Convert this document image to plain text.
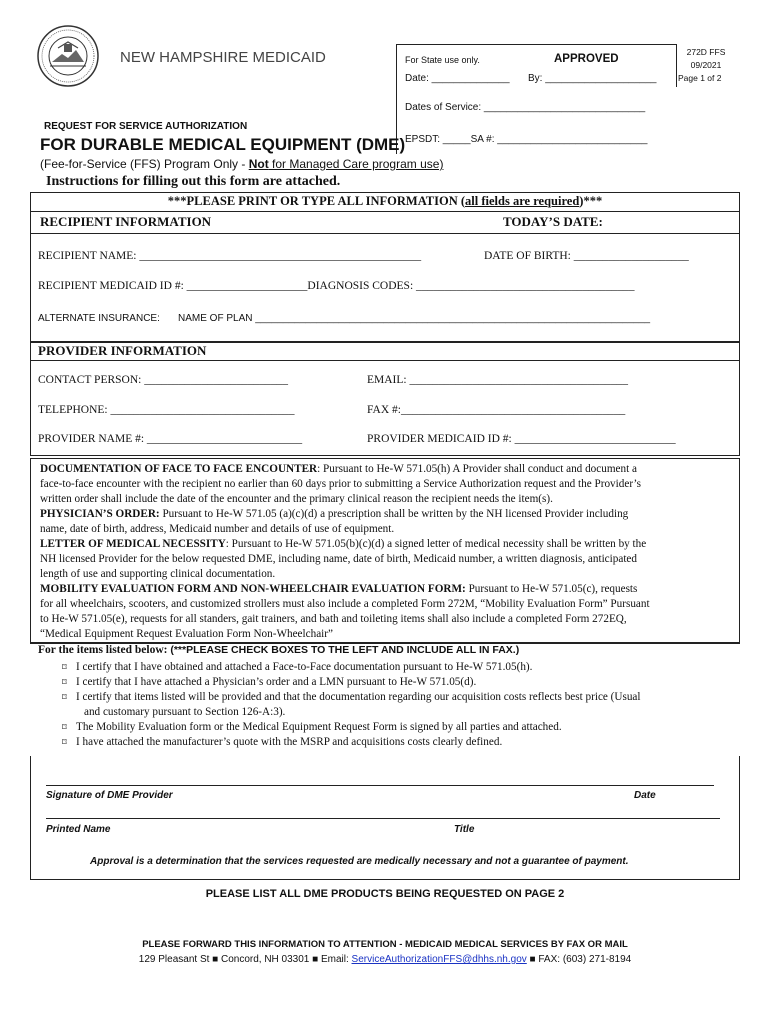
NEW HAMPSHIRE MEDICAID	For State use only.	APPROVED
Date: ______________ By: ____________________
Dates of Service: _____________________________
EPSDT: _____SA #: ___________________________
272D FFS
09/2021
Page 1 of 2
REQUEST FOR SERVICE AUTHORIZATION
FOR DURABLE MEDICAL EQUIPMENT (DME)
(Fee-for-Service (FFS) Program Only - Not for Managed Care program use)
Instructions for filling out this form are attached.
***PLEASE PRINT OR TYPE ALL INFORMATION (all fields are required)***
RECIPIENT INFORMATION	TODAY’S DATE:
RECIPIENT NAME: _________________________________________________	DATE OF BIRTH: ____________________
RECIPIENT MEDICAID ID #: _____________________DIAGNOSIS CODES: ______________________________________
ALTERNATE INSURANCE: NAME OF PLAN _______________________________________________________________________
PROVIDER INFORMATION
CONTACT PERSON: _________________________	EMAIL: ______________________________________
TELEPHONE: ________________________________	FAX #:_______________________________________
PROVIDER NAME #: ___________________________	PROVIDER MEDICAID ID #: ____________________________
DOCUMENTATION OF FACE TO FACE ENCOUNTER: Pursuant to He-W 571.05(h) A Provider shall conduct and document a
face-to-face encounter with the recipient no earlier than 60 days prior to submitting a Service Authorization request and the Provider’s
written order shall include the date of the encounter and the primary clinical reason the recipient needs the item(s).
PHYSICIAN’S ORDER: Pursuant to He-W 571.05 (a)(c)(d) a prescription shall be written by the NH licensed Provider including
name, date of birth, address, Medicaid number and details of use of equipment.
LETTER OF MEDICAL NECESSITY: Pursuant to He-W 571.05(b)(c)(d) a signed letter of medical necessity shall be written by the
NH licensed Provider for the below requested DME, including name, date of birth, Medicaid number, a written diagnosis, anticipated
length of use and supporting clinical documentation.
MOBILITY EVALUATION FORM AND NON-WHEELCHAIR EVALUATION FORM: Pursuant to He-W 571.05(c), requests
for all wheelchairs, scooters, and customized strollers must also include a completed Form 272M, “Mobility Evaluation Form” Pursuant
to He-W 571.05(e), requests for all standers, gait trainers, and bath and toileting items shall also include a completed Form 272EQ,
“Medical Equipment Request Evaluation Form Non-Wheelchair”
For the items listed below: (***PLEASE CHECK BOXES TO THE LEFT AND INCLUDE ALL IN FAX.)
⌑ I certify that I have obtained and attached a Face-to-Face documentation pursuant to He-W 571.05(h).
⌑ I certify that I have attached a Physician’s order and a LMN pursuant to He-W 571.05(d).
⌑ I certify that items listed will be provided and that the documentation regarding our acquisition costs reflects best price (Usual
⌑ The Mobility Evaluation form or the Medical Equipment Request Form is signed by all parties and attached.
⌑ I have attached the manufacturer’s quote with the MSRP and acquisitions costs clearly defined.
and customary pursuant to Section 126-A:3).
Signature of DME Provider	Date
Printed Name	Title
Approval is a determination that the services requested are medically necessary and not a guarantee of payment.
PLEASE LIST ALL DME PRODUCTS BEING REQUESTED ON PAGE 2
PLEASE FORWARD THIS INFORMATION TO ATTENTION - MEDICAID MEDICAL SERVICES BY FAX OR MAIL
129 Pleasant St ■ Concord, NH 03301 ■ Email: ServiceAuthorizationFFS@dhhs.nh.gov ■ FAX: (603) 271-8194
